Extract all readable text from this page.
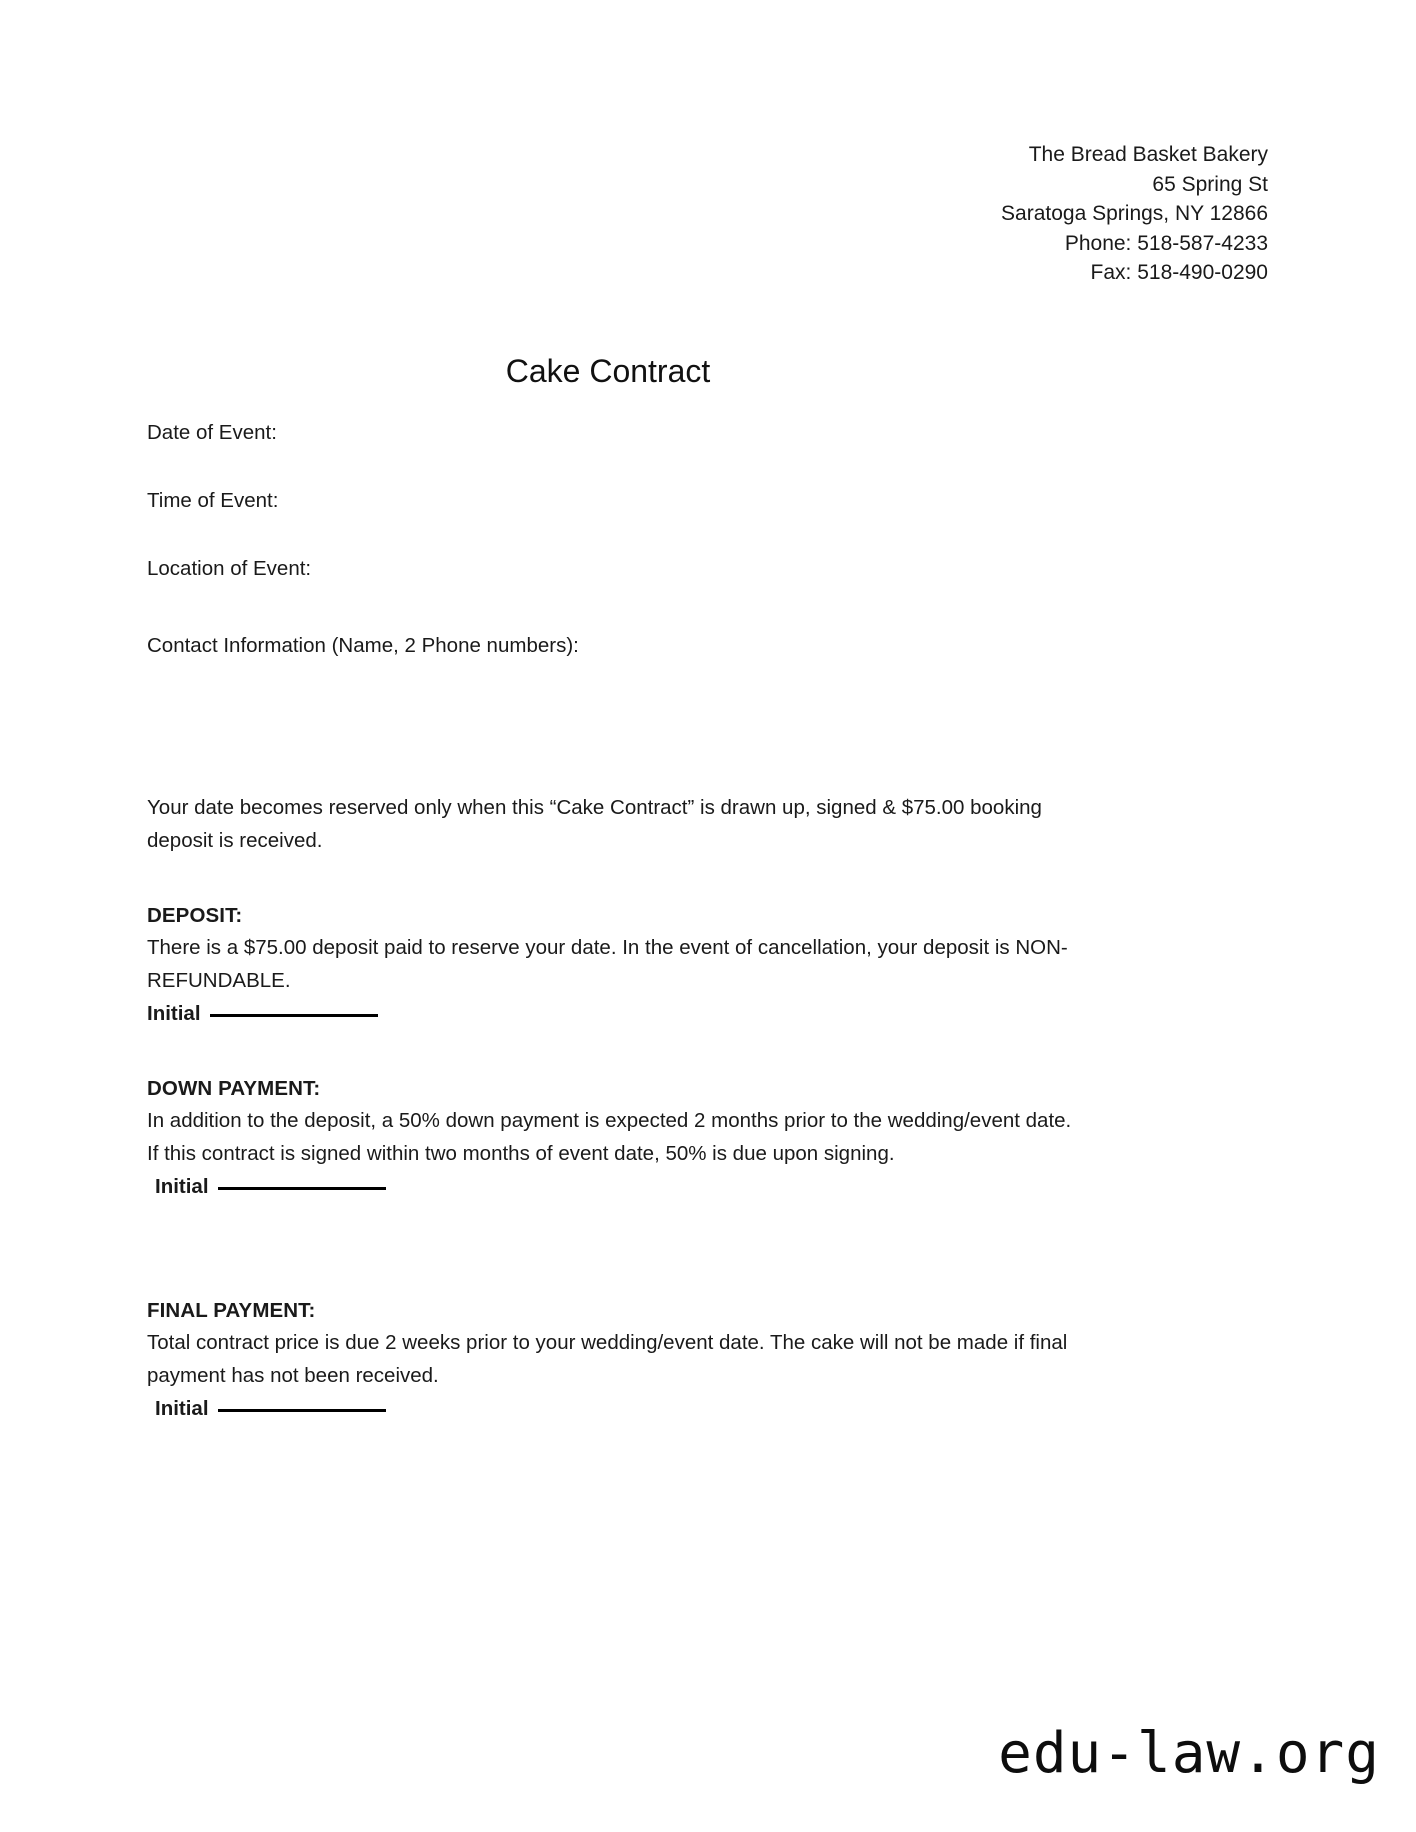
The Bread Basket Bakery
65 Spring St
Saratoga Springs, NY 12866
Phone: 518-587-4233
Fax: 518-490-0290
Cake Contract

Date of Event:

Time of Event:

Location of Event:

Contact Information (Name, 2 Phone numbers):

Your date becomes reserved only when this “Cake Contract” is drawn up, signed & $75.00 booking deposit is received.

DEPOSIT:

There is a $75.00 deposit paid to reserve your date. In the event of cancellation, your deposit is NON-REFUNDABLE.

Initial

DOWN PAYMENT:

In addition to the deposit, a 50% down payment is expected 2 months prior to the wedding/event date. If this contract is signed within two months of event date, 50% is due upon signing.

Initial

FINAL PAYMENT:

Total contract price is due 2 weeks prior to your wedding/event date. The cake will not be made if final payment has not been received.

Initial

edu-law.org
